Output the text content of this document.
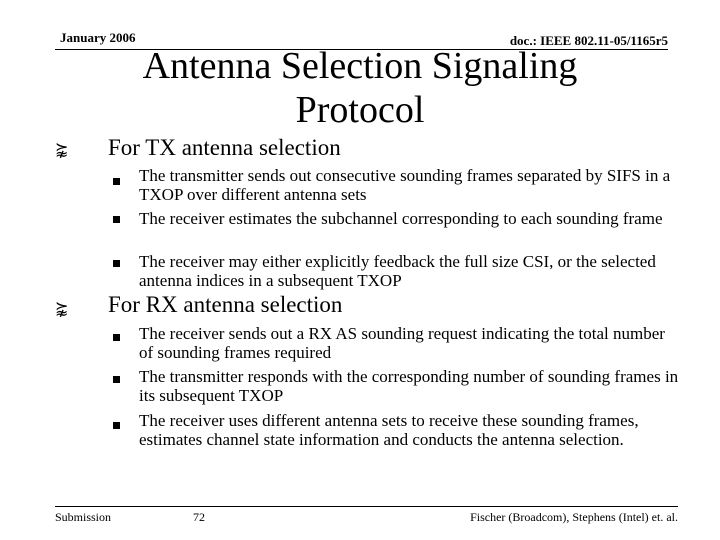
January 2006	doc.: IEEE 802.11-05/1165r5
Antenna Selection Signaling
Protocol
⪺ For TX antenna selection
The transmitter sends out consecutive sounding frames separated by SIFS in a TXOP over different antenna sets
The receiver estimates the subchannel corresponding to each sounding frame
The receiver may either explicitly feedback the full size CSI, or the selected antenna indices in a subsequent TXOP
⪺ For RX antenna selection
The receiver sends out a RX AS sounding request indicating the total number of sounding frames required
The transmitter responds with the corresponding number of sounding frames in its subsequent TXOP
The receiver uses different antenna sets to receive these sounding frames, estimates channel state information and conducts the antenna selection.
Submission	72	Fischer (Broadcom), Stephens (Intel) et. al.
